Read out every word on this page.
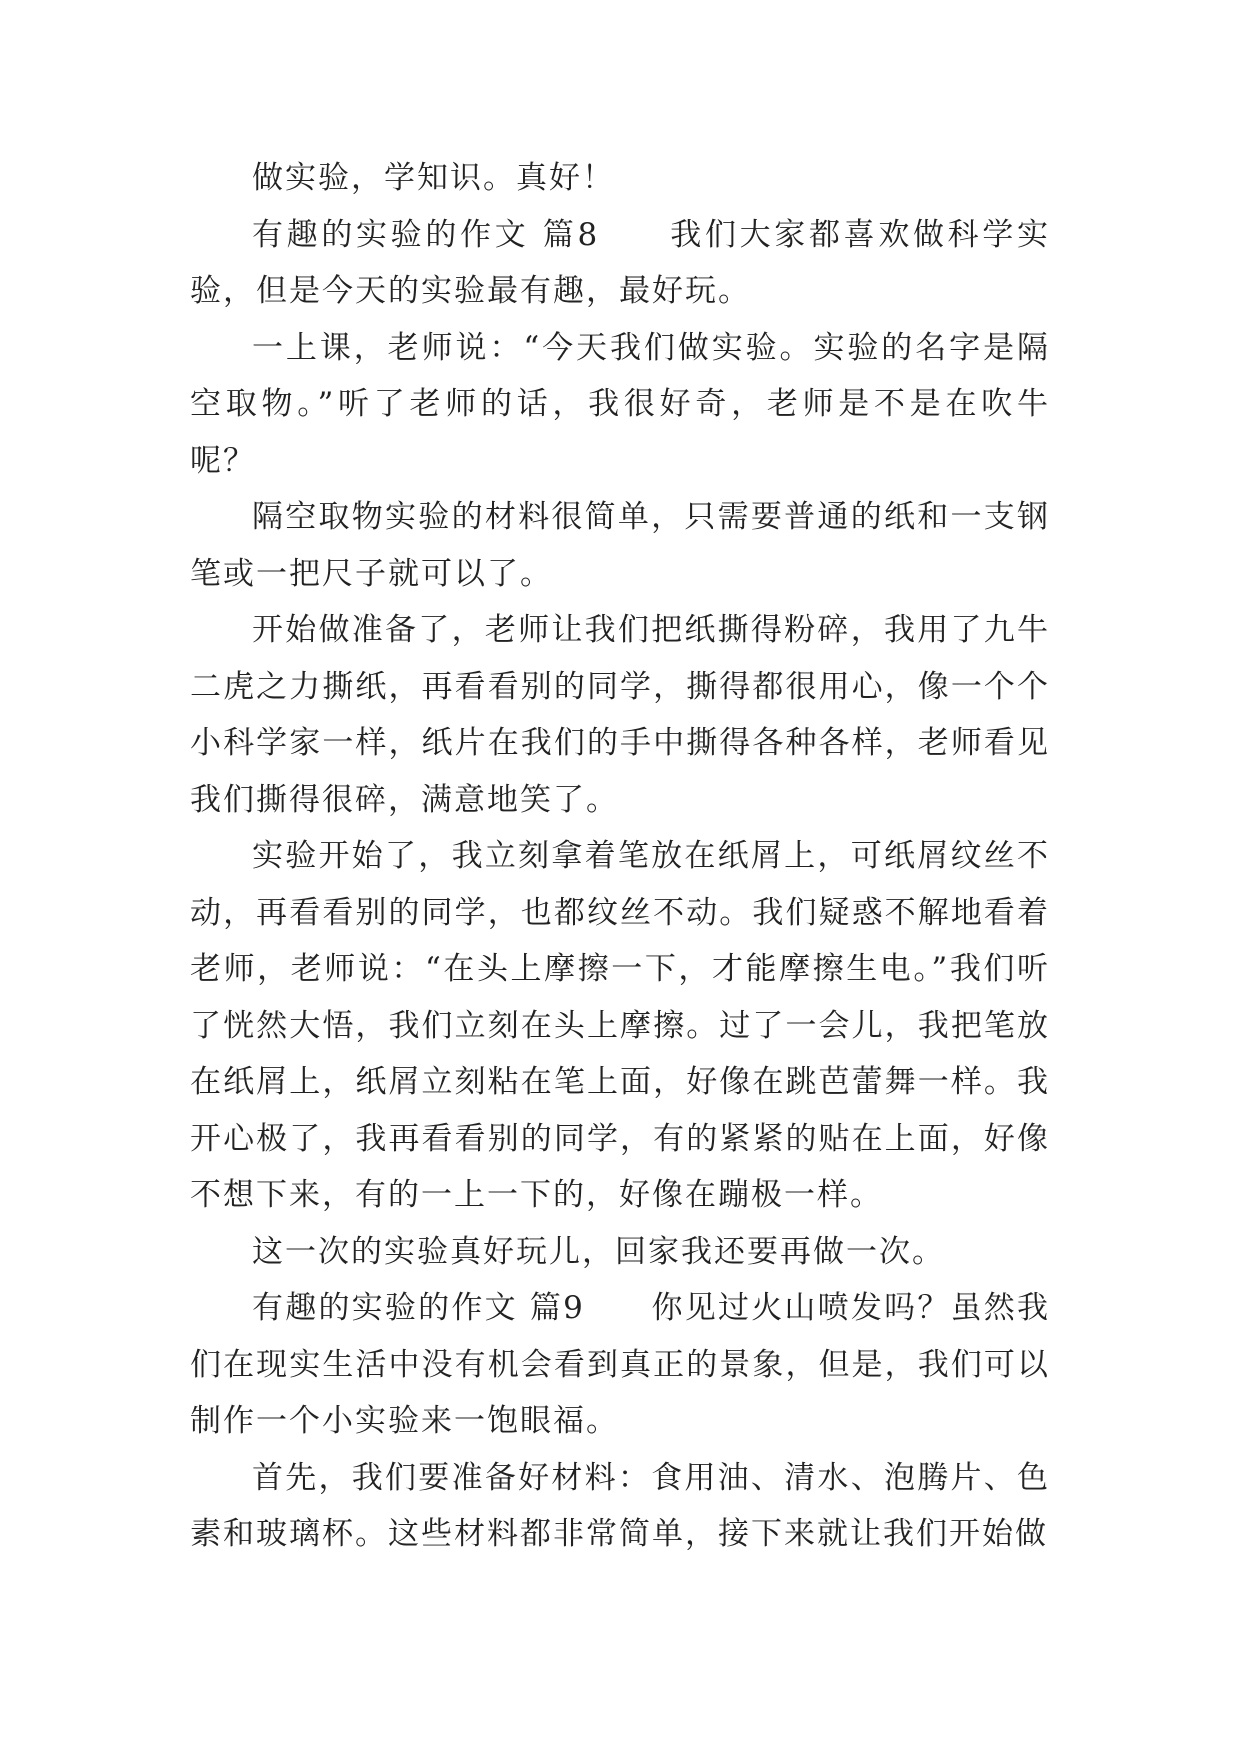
做实验，学知识。真好！

有趣的实验的作文 篇8　　我们大家都喜欢做科学实验，但是今天的实验最有趣，最好玩。

一上课，老师说：“今天我们做实验。实验的名字是隔空取物。”听了老师的话，我很好奇，老师是不是在吹牛呢？

隔空取物实验的材料很简单，只需要普通的纸和一支钢笔或一把尺子就可以了。

开始做准备了，老师让我们把纸撕得粉碎，我用了九牛二虎之力撕纸，再看看别的同学，撕得都很用心，像一个个小科学家一样，纸片在我们的手中撕得各种各样，老师看见我们撕得很碎，满意地笑了。

实验开始了，我立刻拿着笔放在纸屑上，可纸屑纹丝不动，再看看别的同学，也都纹丝不动。我们疑惑不解地看着老师，老师说：“在头上摩擦一下，才能摩擦生电。”我们听了恍然大悟，我们立刻在头上摩擦。过了一会儿，我把笔放在纸屑上，纸屑立刻粘在笔上面，好像在跳芭蕾舞一样。我开心极了，我再看看别的同学，有的紧紧的贴在上面，好像不想下来，有的一上一下的，好像在蹦极一样。

这一次的实验真好玩儿，回家我还要再做一次。

有趣的实验的作文 篇9　　你见过火山喷发吗？虽然我们在现实生活中没有机会看到真正的景象，但是，我们可以制作一个小实验来一饱眼福。

首先，我们要准备好材料：食用油、清水、泡腾片、色素和玻璃杯。这些材料都非常简单，接下来就让我们开始做
